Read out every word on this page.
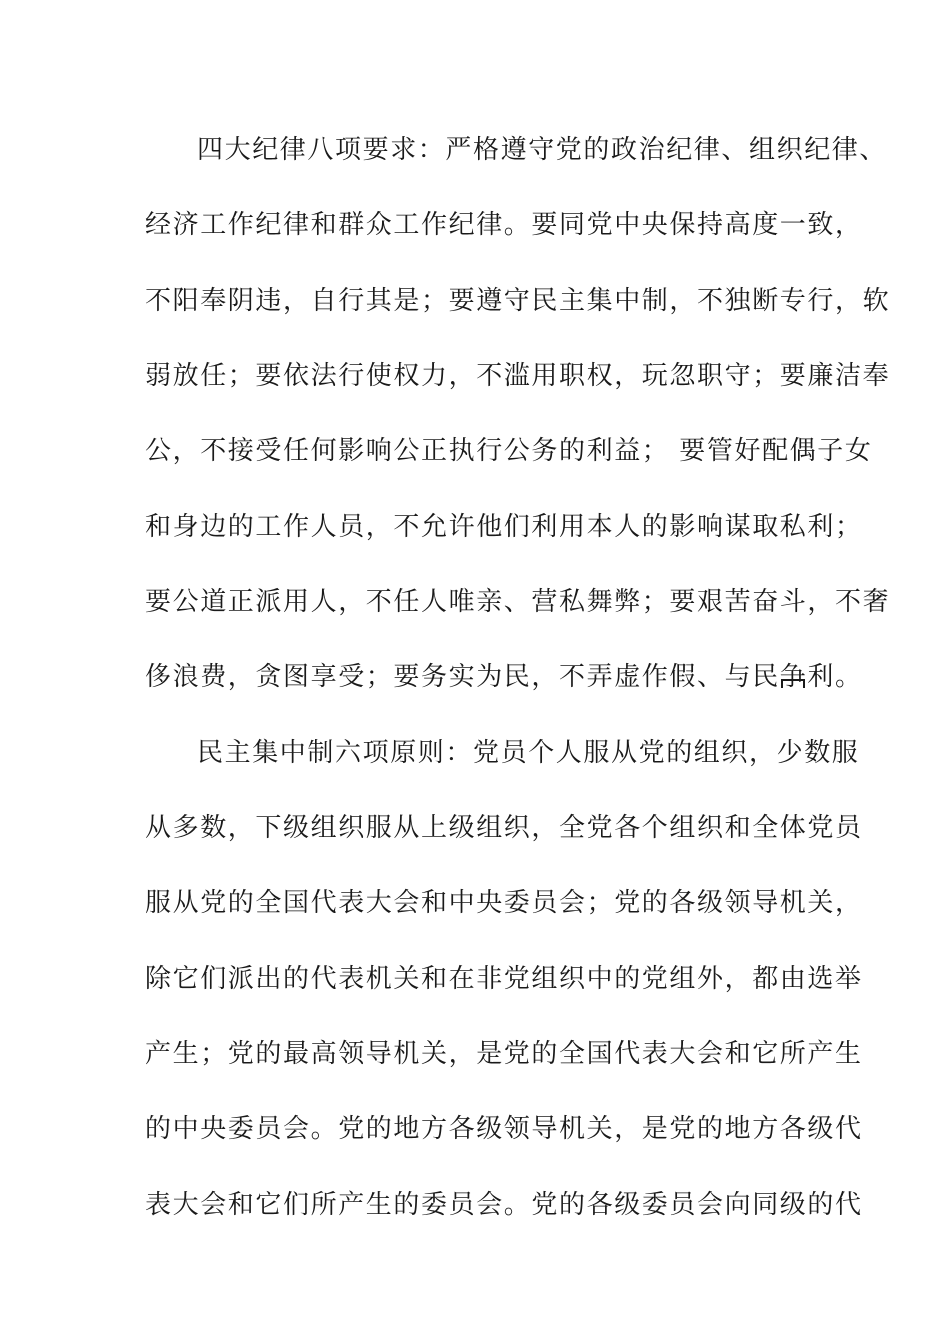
四大纪律八项要求：严格遵守党的政治纪律、组织纪律、
经济工作纪律和群众工作纪律。要同党中央保持高度一致，
不阳奉阴违，自行其是；要遵守民主集中制，不独断专行，软
弱放任；要依法行使权力，不滥用职权，玩忽职守；要廉洁奉
公，不接受任何影响公正执行公务的利益； 要管好配偶子女
和身边的工作人员，不允许他们利用本人的影响谋取私利；
要公道正派用人，不任人唯亲、营私舞弊；要艰苦奋斗，不奢
侈浪费，贪图享受；要务实为民，不弄虚作假、与民争利。
民主集中制六项原则：党员个人服从党的组织，少数服
从多数，下级组织服从上级组织，全党各个组织和全体党员
服从党的全国代表大会和中央委员会；党的各级领导机关，
除它们派出的代表机关和在非党组织中的党组外，都由选举
产生；党的最高领导机关，是党的全国代表大会和它所产生
的中央委员会。党的地方各级领导机关，是党的地方各级代
表大会和它们所产生的委员会。党的各级委员会向同级的代
